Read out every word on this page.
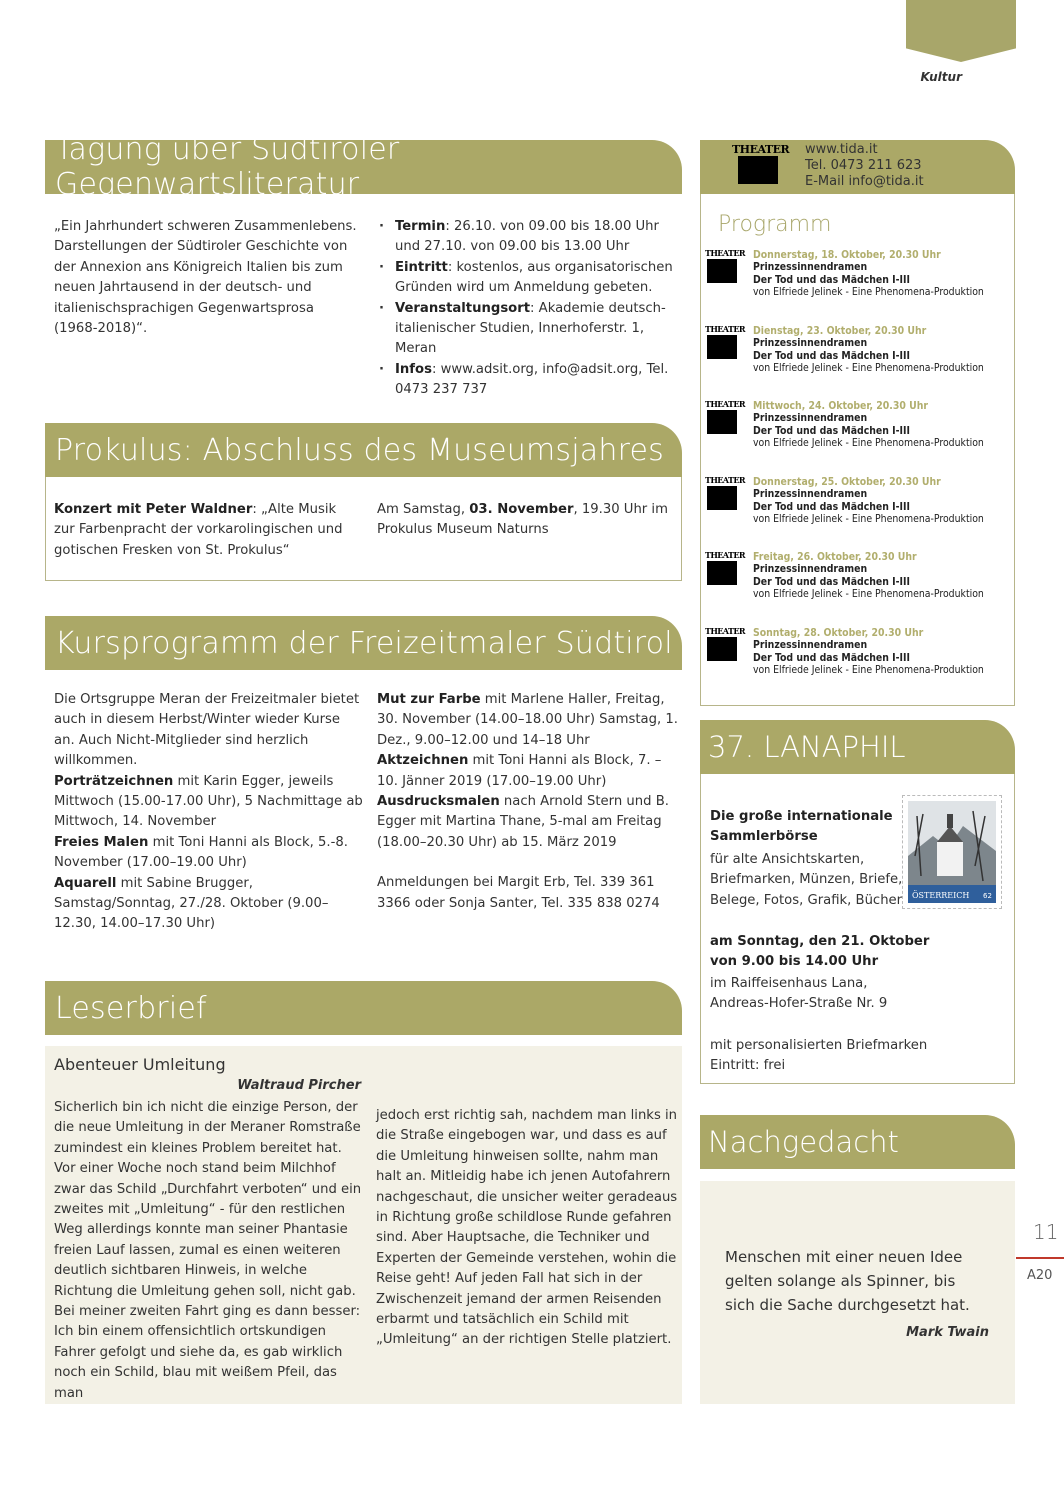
Kultur
Tagung über Südtiroler Gegenwartsliteratur
„Ein Jahrhundert schweren Zusammenlebens. Darstellungen der Südtiroler Geschichte von der Annexion ans Königreich Italien bis zum neuen Jahrtausend in der deutsch- und italienischsprachigen Gegenwartsprosa (1968-2018)“.
· Termin: 26.10. von 09.00 bis 18.00 Uhr und 27.10. von 09.00 bis 13.00 Uhr
· Eintritt: kostenlos, aus organisatorischen Gründen wird um Anmeldung gebeten.
· Veranstaltungsort: Akademie deutsch-italienischer Studien, Innerhoferstr. 1, Meran
· Infos: www.adsit.org, info@adsit.org, Tel. 0473 237 737
Prokulus: Abschluss des Museumsjahres
Konzert mit Peter Waldner: „Alte Musik zur Farbenpracht der vorkarolingischen und gotischen Fresken von St. Prokulus“
Am Samstag, 03. November, 19.30 Uhr im Prokulus Museum Naturns
Kursprogramm der Freizeitmaler Südtirol
Die Ortsgruppe Meran der Freizeitmaler bietet auch in diesem Herbst/Winter wieder Kurse an. Auch Nicht-Mitglieder sind herzlich willkommen.
Porträtzeichnen mit Karin Egger, jeweils Mittwoch (15.00-17.00 Uhr), 5 Nachmittage ab Mittwoch, 14. November
Freies Malen mit Toni Hanni als Block, 5.-8. November (17.00–19.00 Uhr)
Aquarell mit Sabine Brugger, Samstag/Sonntag, 27./28. Oktober (9.00–12.30, 14.00–17.30 Uhr)
Mut zur Farbe mit Marlene Haller, Freitag, 30. November (14.00–18.00 Uhr) Samstag, 1. Dez., 9.00–12.00 und 14–18 Uhr
Aktzeichnen mit Toni Hanni als Block, 7. – 10. Jänner 2019 (17.00–19.00 Uhr)
Ausdrucksmalen nach Arnold Stern und B. Egger mit Martina Thane, 5-mal am Freitag (18.00–20.30 Uhr) ab 15. März 2019
Anmeldungen bei Margit Erb, Tel. 339 361 3366 oder Sonja Santer, Tel. 335 838 0274
Leserbrief
Abenteuer Umleitung
Waltraud Pircher
Sicherlich bin ich nicht die einzige Person, der die neue Umleitung in der Meraner Romstraße zumindest ein kleines Problem bereitet hat. Vor einer Woche noch stand beim Milchhof zwar das Schild „Durchfahrt verboten“ und ein zweites mit „Umleitung“ - für den restlichen Weg allerdings konnte man seiner Phantasie freien Lauf lassen, zumal es einen weiteren deutlich sichtbaren Hinweis, in welche Richtung die Umleitung gehen soll, nicht gab. Bei meiner zweiten Fahrt ging es dann besser: Ich bin einem offensichtlich ortskundigen Fahrer gefolgt und siehe da, es gab wirklich noch ein Schild, blau mit weißem Pfeil, das man
jedoch erst richtig sah, nachdem man links in die Straße eingebogen war, und dass es auf die Umleitung hinweisen sollte, nahm man halt an. Mitleidig habe ich jenen Autofahrern nachgeschaut, die unsicher weiter geradeaus in Richtung große schildlose Runde gefahren sind. Aber Hauptsache, die Techniker und Experten der Gemeinde verstehen, wohin die Reise geht! Auf jeden Fall hat sich in der Zwischenzeit jemand der armen Reisenden erbarmt und tatsächlich ein Schild mit „Umleitung“ an der richtigen Stelle platziert.
THEATER www.tida.it
Tel. 0473 211 623
E-Mail info@tida.it
Programm
THEATER Donnerstag, 18. Oktober, 20.30 Uhr
Prinzessinnendramen
Der Tod und das Mädchen I-III
von Elfriede Jelinek - Eine Phenomena-Produktion
THEATER Dienstag, 23. Oktober, 20.30 Uhr
Prinzessinnendramen
Der Tod und das Mädchen I-III
von Elfriede Jelinek - Eine Phenomena-Produktion
THEATER Mittwoch, 24. Oktober, 20.30 Uhr
Prinzessinnendramen
Der Tod und das Mädchen I-III
von Elfriede Jelinek - Eine Phenomena-Produktion
THEATER Donnerstag, 25. Oktober, 20.30 Uhr
Prinzessinnendramen
Der Tod und das Mädchen I-III
von Elfriede Jelinek - Eine Phenomena-Produktion
THEATER Freitag, 26. Oktober, 20.30 Uhr
Prinzessinnendramen
Der Tod und das Mädchen I-III
von Elfriede Jelinek - Eine Phenomena-Produktion
THEATER Sonntag, 28. Oktober, 20.30 Uhr
Prinzessinnendramen
Der Tod und das Mädchen I-III
von Elfriede Jelinek - Eine Phenomena-Produktion
37. LANAPHIL
Die große internationale Sammlerbörse
für alte Ansichtskarten, Briefmarken, Münzen, Briefe, Belege, Fotos, Grafik, Bücher	ÖSTERREICH 62
am Sonntag, den 21. Oktober von 9.00 bis 14.00 Uhr
im Raiffeisenhaus Lana, Andreas-Hofer-Straße Nr. 9
mit personalisierten Briefmarken
Eintritt: frei
Nachgedacht
Menschen mit einer neuen Idee gelten solange als Spinner, bis sich die Sache durchgesetzt hat.
Mark Twain
11
A20
